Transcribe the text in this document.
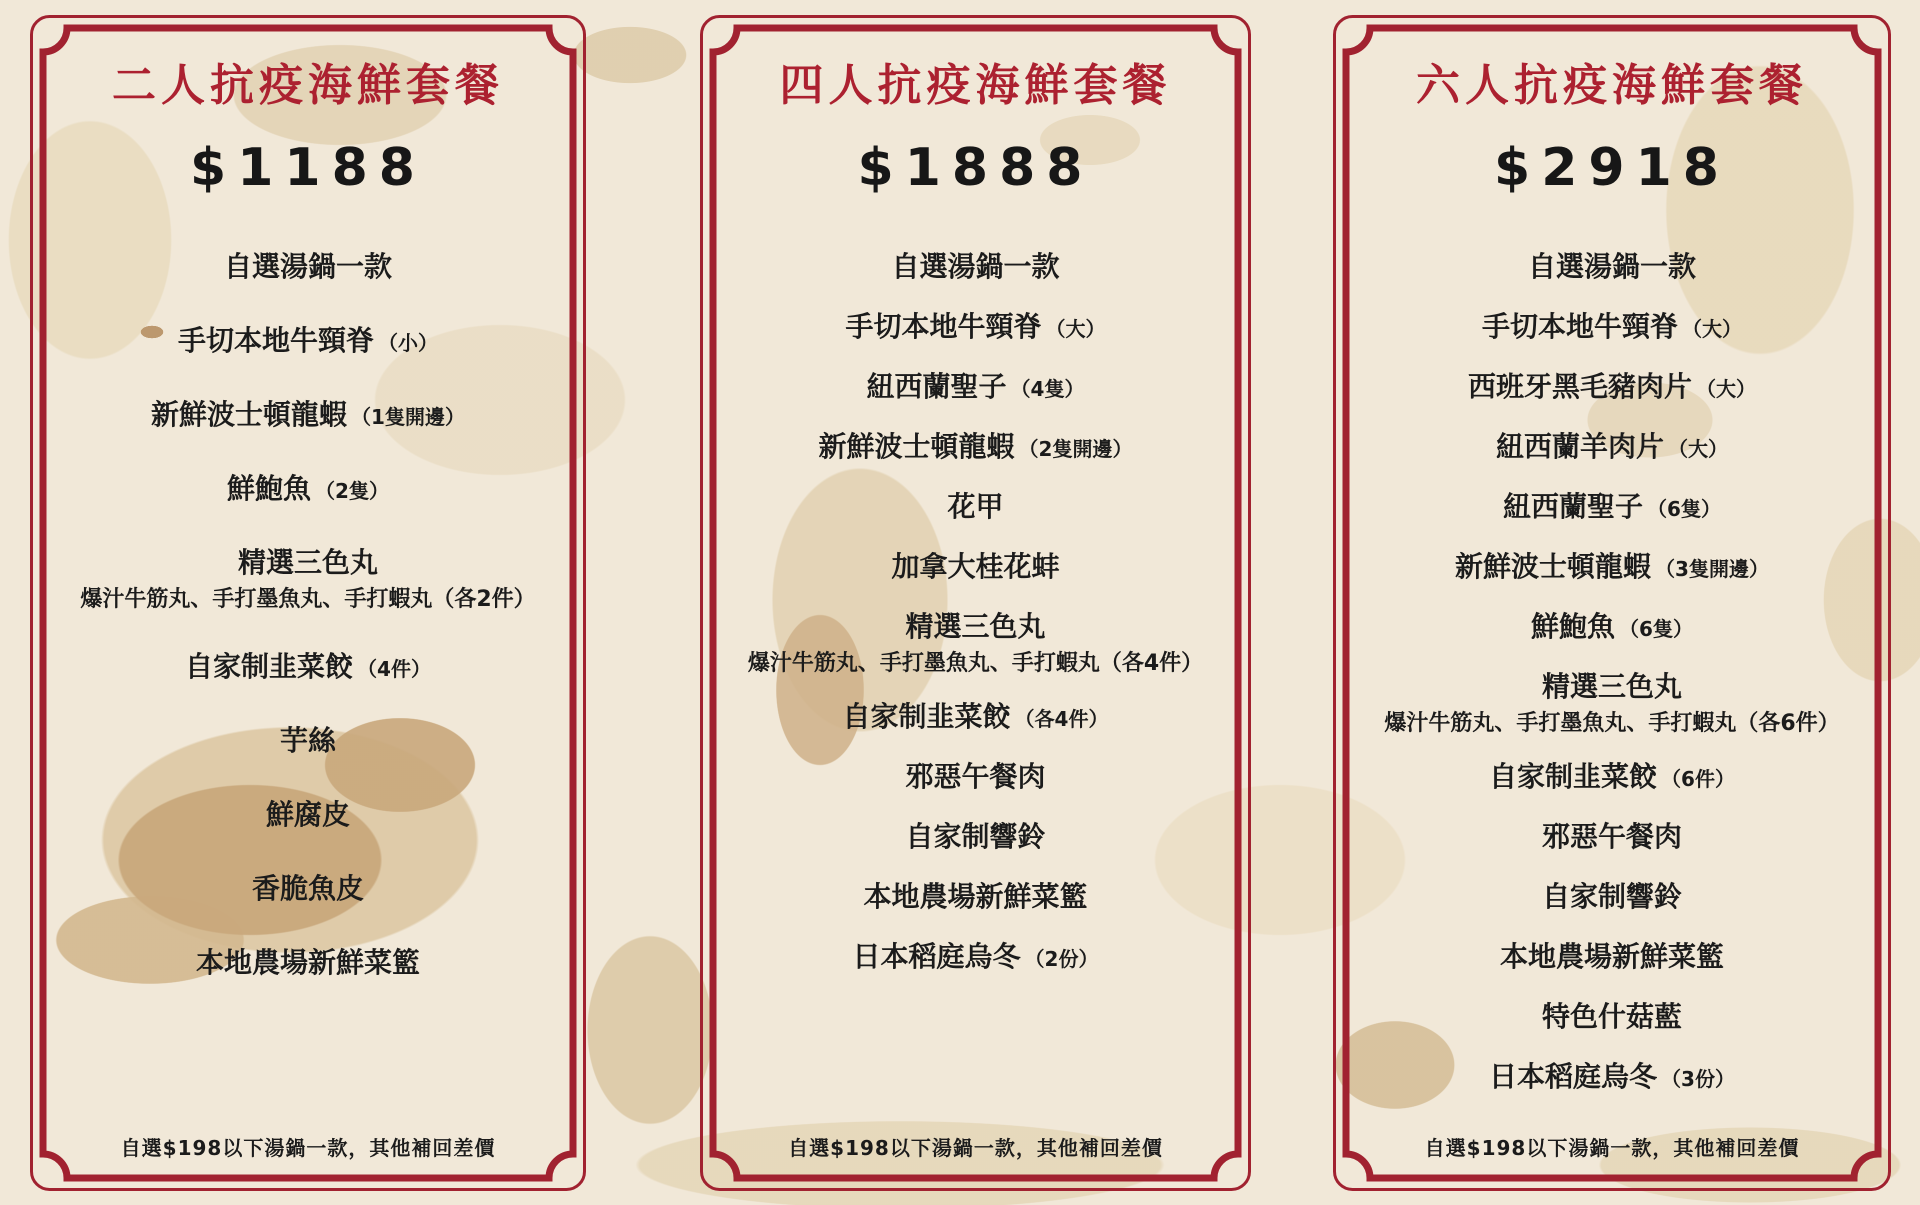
二人抗疫海鮮套餐
$1188
自選湯鍋一款
手切本地牛頸脊 （小）
新鮮波士頓龍蝦 （1隻開邊）
鮮鮑魚 （2隻）
精選三色丸
爆汁牛筋丸、手打墨魚丸、手打蝦丸（各2件）
自家制韭菜餃 （4件）
芋絲
鮮腐皮
香脆魚皮
本地農場新鮮菜籃
自選$198以下湯鍋一款，其他補回差價
四人抗疫海鮮套餐
$1888
自選湯鍋一款
手切本地牛頸脊 （大）
紐西蘭聖子 （4隻）
新鮮波士頓龍蝦 （2隻開邊）
花甲
加拿大桂花蚌
精選三色丸
爆汁牛筋丸、手打墨魚丸、手打蝦丸（各4件）
自家制韭菜餃 （各4件）
邪惡午餐肉
自家制響鈴
本地農場新鮮菜籃
日本稻庭烏冬 （2份）
自選$198以下湯鍋一款，其他補回差價
六人抗疫海鮮套餐
$2918
自選湯鍋一款
手切本地牛頸脊 （大）
西班牙黑毛豬肉片 （大）
紐西蘭羊肉片 （大）
紐西蘭聖子 （6隻）
新鮮波士頓龍蝦 （3隻開邊）
鮮鮑魚 （6隻）
精選三色丸
爆汁牛筋丸、手打墨魚丸、手打蝦丸（各6件）
自家制韭菜餃 （6件）
邪惡午餐肉
自家制響鈴
本地農場新鮮菜籃
特色什菇藍
日本稻庭烏冬 （3份）
自選$198以下湯鍋一款，其他補回差價
